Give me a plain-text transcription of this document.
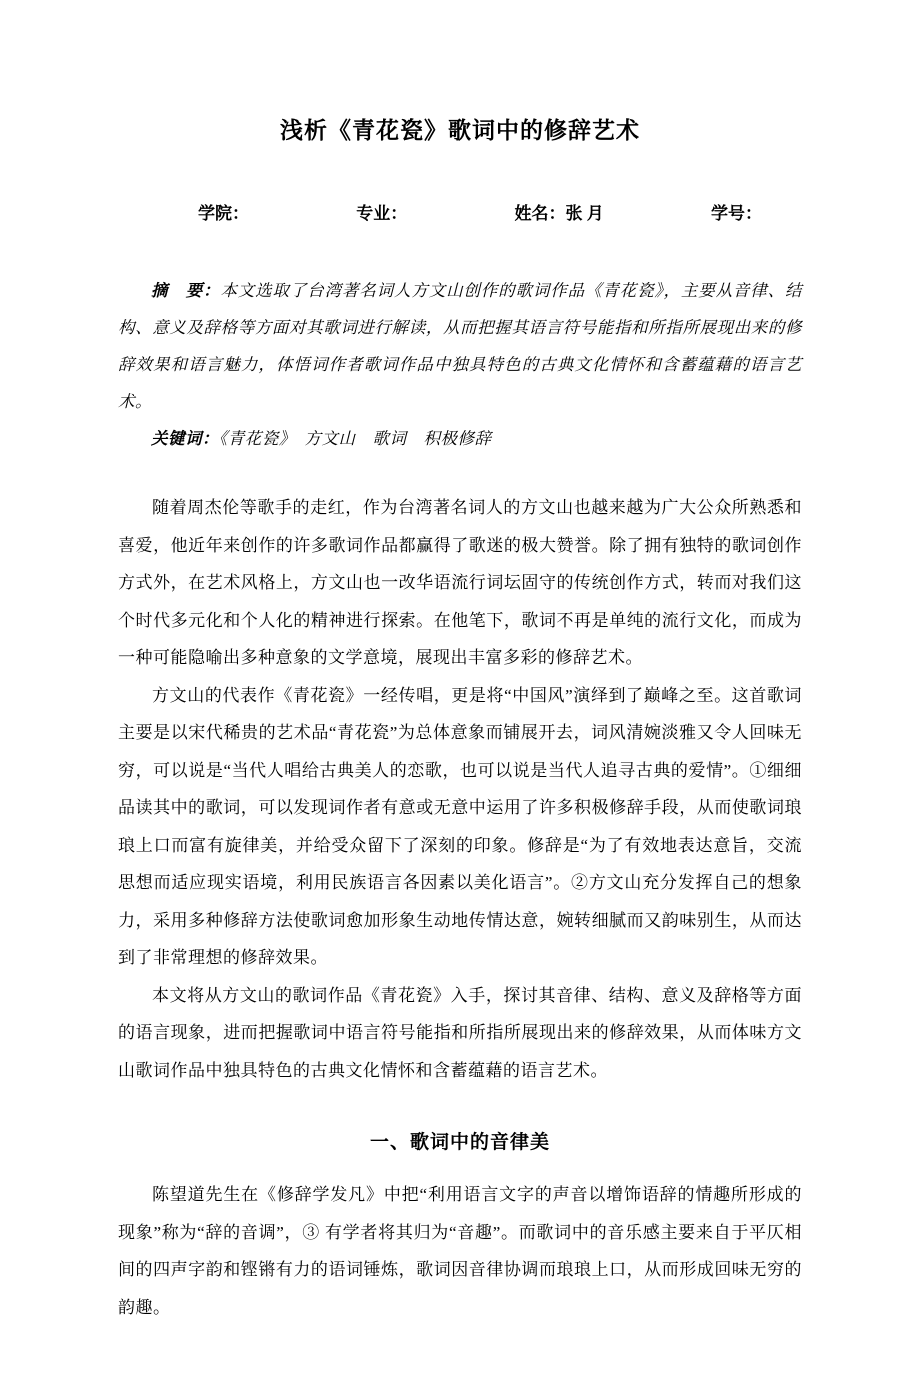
浅析《青花瓷》歌词中的修辞艺术
学院：	专业：	姓名：张 月	学号：

摘　要：本文选取了台湾著名词人方文山创作的歌词作品《青花瓷》，主要从音律、结构、意义及辞格等方面对其歌词进行解读，从而把握其语言符号能指和所指所展现出来的修辞效果和语言魅力，体悟词作者歌词作品中独具特色的古典文化情怀和含蓄蕴藉的语言艺术。

关键词：《青花瓷》　方文山　歌词　积极修辞

随着周杰伦等歌手的走红，作为台湾著名词人的方文山也越来越为广大公众所熟悉和喜爱，他近年来创作的许多歌词作品都赢得了歌迷的极大赞誉。除了拥有独特的歌词创作方式外，在艺术风格上，方文山也一改华语流行词坛固守的传统创作方式，转而对我们这个时代多元化和个人化的精神进行探索。在他笔下，歌词不再是单纯的流行文化，而成为一种可能隐喻出多种意象的文学意境，展现出丰富多彩的修辞艺术。

方文山的代表作《青花瓷》一经传唱，更是将“中国风”演绎到了巅峰之至。这首歌词主要是以宋代稀贵的艺术品“青花瓷”为总体意象而铺展开去，词风清婉淡雅又令人回味无穷，可以说是“当代人唱给古典美人的恋歌，也可以说是当代人追寻古典的爱情”。①细细品读其中的歌词，可以发现词作者有意或无意中运用了许多积极修辞手段，从而使歌词琅琅上口而富有旋律美，并给受众留下了深刻的印象。修辞是“为了有效地表达意旨，交流思想而适应现实语境，利用民族语言各因素以美化语言”。②方文山充分发挥自己的想象力，采用多种修辞方法使歌词愈加形象生动地传情达意，婉转细腻而又韵味别生，从而达到了非常理想的修辞效果。

本文将从方文山的歌词作品《青花瓷》入手，探讨其音律、结构、意义及辞格等方面的语言现象，进而把握歌词中语言符号能指和所指所展现出来的修辞效果，从而体味方文山歌词作品中独具特色的古典文化情怀和含蓄蕴藉的语言艺术。

一、歌词中的音律美

陈望道先生在《修辞学发凡》中把“利用语言文字的声音以增饰语辞的情趣所形成的现象”称为“辞的音调”，③ 有学者将其归为“音趣”。而歌词中的音乐感主要来自于平仄相间的四声字韵和铿锵有力的语词锤炼，歌词因音律协调而琅琅上口，从而形成回味无穷的韵趣。
